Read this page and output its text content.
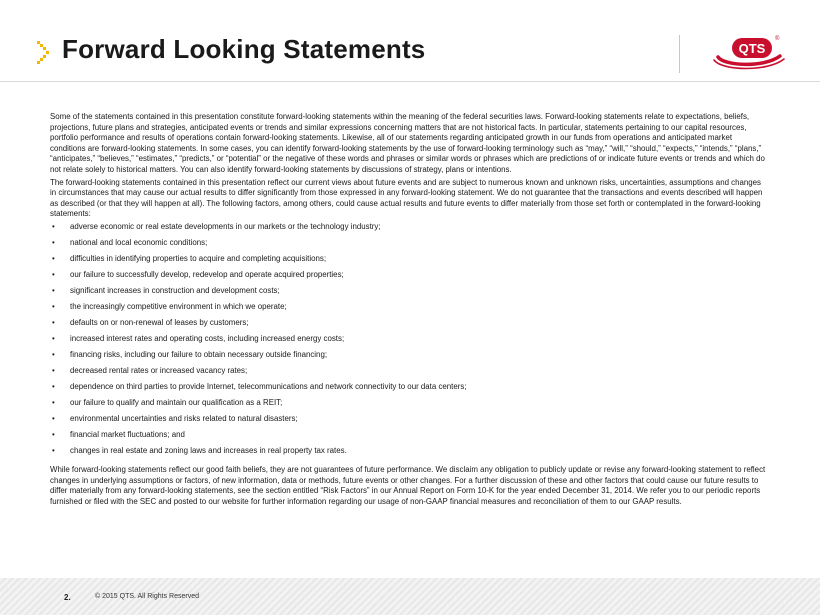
Forward Looking Statements	QTS
®

Some of the statements contained in this presentation constitute forward-looking statements within the meaning of the federal securities laws. Forward-looking statements relate to expectations, beliefs, projections, future plans and strategies, anticipated events or trends and similar expressions concerning matters that are not historical facts. In particular, statements pertaining to our capital resources, portfolio performance and results of operations contain forward-looking statements. Likewise, all of our statements regarding anticipated growth in our funds from operations and anticipated market conditions are forward-looking statements. In some cases, you can identify forward-looking statements by the use of forward-looking terminology such as “may,” “will,” “should,” “expects,” “intends,” “plans,” “anticipates,” “believes,” “estimates,” “predicts,” or “potential” or the negative of these words and phrases or similar words or phrases which are predictions of or indicate future events or trends and which do not relate solely to historical matters. You can also identify forward-looking statements by discussions of strategy, plans or intentions.

The forward-looking statements contained in this presentation reflect our current views about future events and are subject to numerous known and unknown risks, uncertainties, assumptions and changes in circumstances that may cause our actual results to differ significantly from those expressed in any forward-looking statement. We do not guarantee that the transactions and events described will happen as described (or that they will happen at all). The following factors, among others, could cause actual results and future events to differ materially from those set forth or contemplated in the forward-looking statements:

• adverse economic or real estate developments in our markets or the technology industry;
• national and local economic conditions;
• difficulties in identifying properties to acquire and completing acquisitions;
• our failure to successfully develop, redevelop and operate acquired properties;
• significant increases in construction and development costs;
• the increasingly competitive environment in which we operate;
• defaults on or non-renewal of leases by customers;
• increased interest rates and operating costs, including increased energy costs;
• financing risks, including our failure to obtain necessary outside financing;
• decreased rental rates or increased vacancy rates;
• dependence on third parties to provide Internet, telecommunications and network connectivity to our data centers;
• our failure to qualify and maintain our qualification as a REIT;
• environmental uncertainties and risks related to natural disasters;
• financial market fluctuations; and
• changes in real estate and zoning laws and increases in real property tax rates.

While forward-looking statements reflect our good faith beliefs, they are not guarantees of future performance. We disclaim any obligation to publicly update or revise any forward-looking statement to reflect changes in underlying assumptions or factors, of new information, data or methods, future events or other changes. For a further discussion of these and other factors that could cause our future results to differ materially from any forward-looking statements, see the section entitled “Risk Factors” in our Annual Report on Form 10-K for the year ended December 31, 2014. We refer you to our periodic reports furnished or filed with the SEC and posted to our website for further information regarding our usage of non-GAAP financial measures and reconciliation of them to our GAAP results.

2.	© 2015 QTS. All Rights Reserved
